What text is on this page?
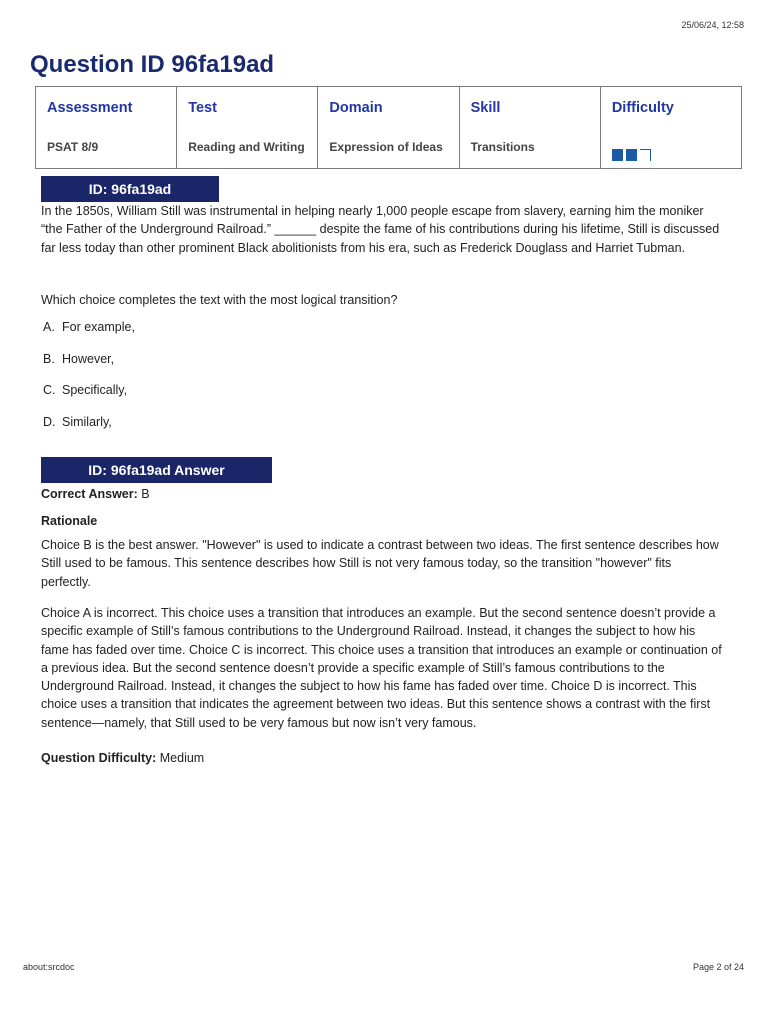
25/06/24, 12:58
Question ID 96fa19ad
Assessment
PSAT 8/9
Test
Reading and Writing
Domain
Expression of Ideas
Skill
Transitions
Difficulty
ID: 96fa19ad

In the 1850s, William Still was instrumental in helping nearly 1,000 people escape from slavery, earning him the moniker “the Father of the Underground Railroad.” ______ despite the fame of his contributions during his lifetime, Still is discussed far less today than other prominent Black abolitionists from his era, such as Frederick Douglass and Harriet Tubman.

Which choice completes the text with the most logical transition?

A. For example,
B. However,
C. Specifically,
D. Similarly,
ID: 96fa19ad Answer

Correct Answer: B

Rationale

Choice B is the best answer. "However" is used to indicate a contrast between two ideas. The first sentence describes how Still used to be famous. This sentence describes how Still is not very famous today, so the transition "however" fits perfectly.

Choice A is incorrect. This choice uses a transition that introduces an example. But the second sentence doesn’t provide a specific example of Still’s famous contributions to the Underground Railroad. Instead, it changes the subject to how his fame has faded over time. Choice C is incorrect. This choice uses a transition that introduces an example or continuation of a previous idea. But the second sentence doesn’t provide a specific example of Still’s famous contributions to the Underground Railroad. Instead, it changes the subject to how his fame has faded over time. Choice D is incorrect. This choice uses a transition that indicates the agreement between two ideas. But this sentence shows a contrast with the first sentence—namely, that Still used to be very famous but now isn’t very famous.

Question Difficulty: Medium

about:srcdoc	Page 2 of 24
